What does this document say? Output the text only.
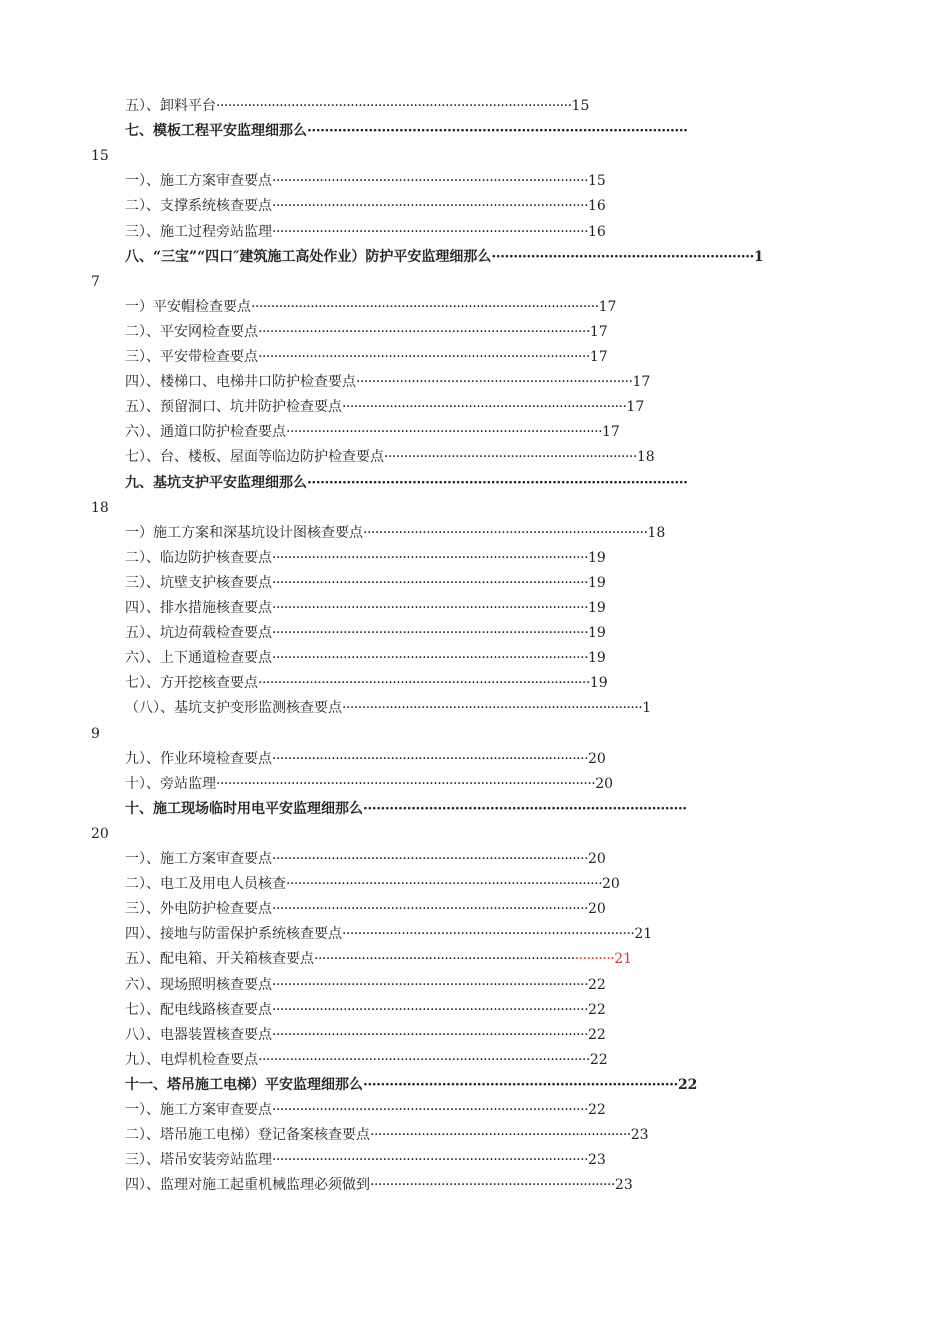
五）、卸料平台··························································································15
七、模板工程平安监理细那么·······················································································
15
一）、施工方案审查要点················································································15
二）、支撑系统核查要点················································································16
三）、施工过程旁站监理················································································16
八、“三宝”“四口″建筑施工高处作业）防护平安监理细那么····························································1
7
一）平安帽检查要点························································································17
二）、平安网检查要点····················································································17
三）、平安带检查要点····················································································17
四）、楼梯口、电梯井口防护检查要点······································································17
五）、预留洞口、坑井防护检查要点········································································17
六）、通道口防护检查要点················································································17
七）、台、楼板、屋面等临边防护检查要点································································18
九、基坑支护平安监理细那么·······················································································
18
一）施工方案和深基坑设计图核查要点········································································18
二）、临边防护核查要点················································································19
三）、坑壁支护核查要点················································································19
四）、排水措施核查要点················································································19
五）、坑边荷载检查要点················································································19
六）、上下通道检查要点················································································19
七）、方开挖核查要点····················································································19
（八）、基坑支护变形监测核查要点············································································1
9
九）、作业环境检查要点················································································20
十）、旁站监理································································································20
十、施工现场临时用电平安监理细那么··········································································
20
一）、施工方案审查要点················································································20
二）、电工及用电人员核查················································································20
三）、外电防护检查要点················································································20
四）、接地与防雷保护系统核查要点··········································································21
五）、配电箱、开关箱核查要点············································································21
六）、现场照明核查要点················································································22
七）、配电线路核查要点················································································22
八）、电器装置核查要点················································································22
九）、电焊机检查要点····················································································22
十一、塔吊施工电梯）平安监理细那么········································································22
一）、施工方案审查要点················································································22
二）、塔吊施工电梯）登记备案核查要点··································································23
三）、塔吊安装旁站监理················································································23
四）、监理对施工起重机械监理必须做到······························································23
